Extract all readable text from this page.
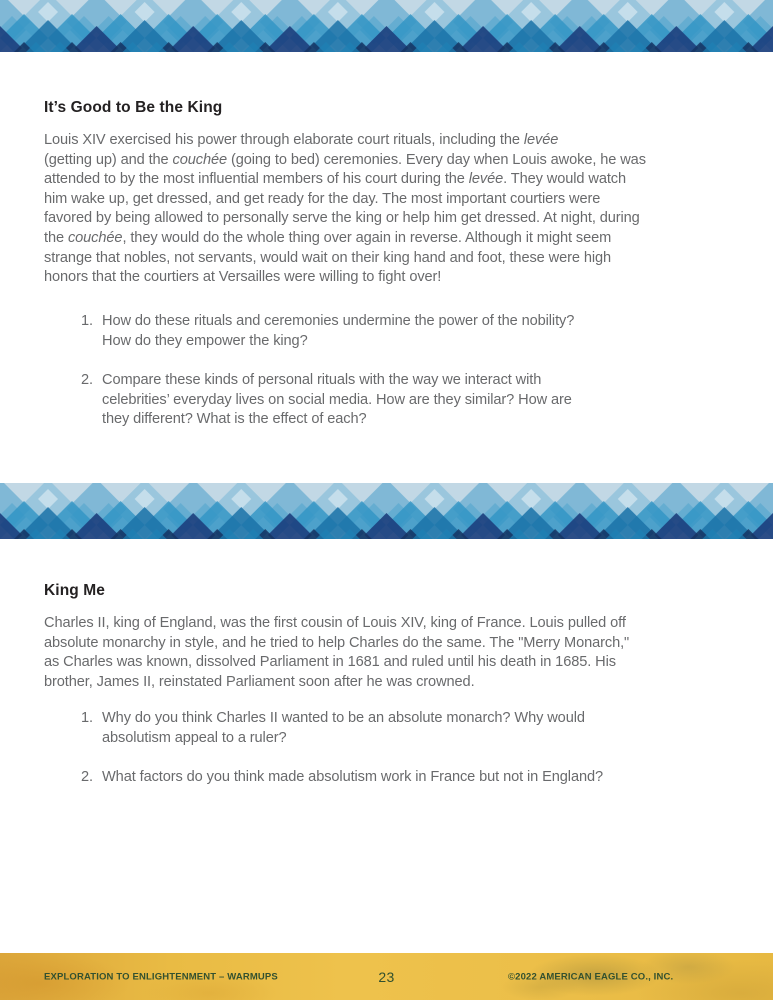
It’s Good to Be the King
Louis XIV exercised his power through elaborate court rituals, including the levée
(getting up) and the couchée (going to bed) ceremonies. Every day when Louis awoke, he was
attended to by the most influential members of his court during the levée. They would watch
him wake up, get dressed, and get ready for the day. The most important courtiers were
favored by being allowed to personally serve the king or help him get dressed. At night, during
the couchée, they would do the whole thing over again in reverse. Although it might seem
strange that nobles, not servants, would wait on their king hand and foot, these were high
honors that the courtiers at Versailles were willing to fight over!
1. How do these rituals and ceremonies undermine the power of the nobility?
How do they empower the king?
2. Compare these kinds of personal rituals with the way we interact with
celebrities’ everyday lives on social media. How are they similar? How are
they different? What is the effect of each?
King Me
Charles II, king of England, was the first cousin of Louis XIV, king of France. Louis pulled off
absolute monarchy in style, and he tried to help Charles do the same. The "Merry Monarch,"
as Charles was known, dissolved Parliament in 1681 and ruled until his death in 1685. His
brother, James II, reinstated Parliament soon after he was crowned.
1. Why do you think Charles II wanted to be an absolute monarch? Why would
absolutism appeal to a ruler?
2. What factors do you think made absolutism work in France but not in England?
EXPLORATION TO ENLIGHTENMENT – WARMUPS	23	©2022 AMERICAN EAGLE CO., INC.
